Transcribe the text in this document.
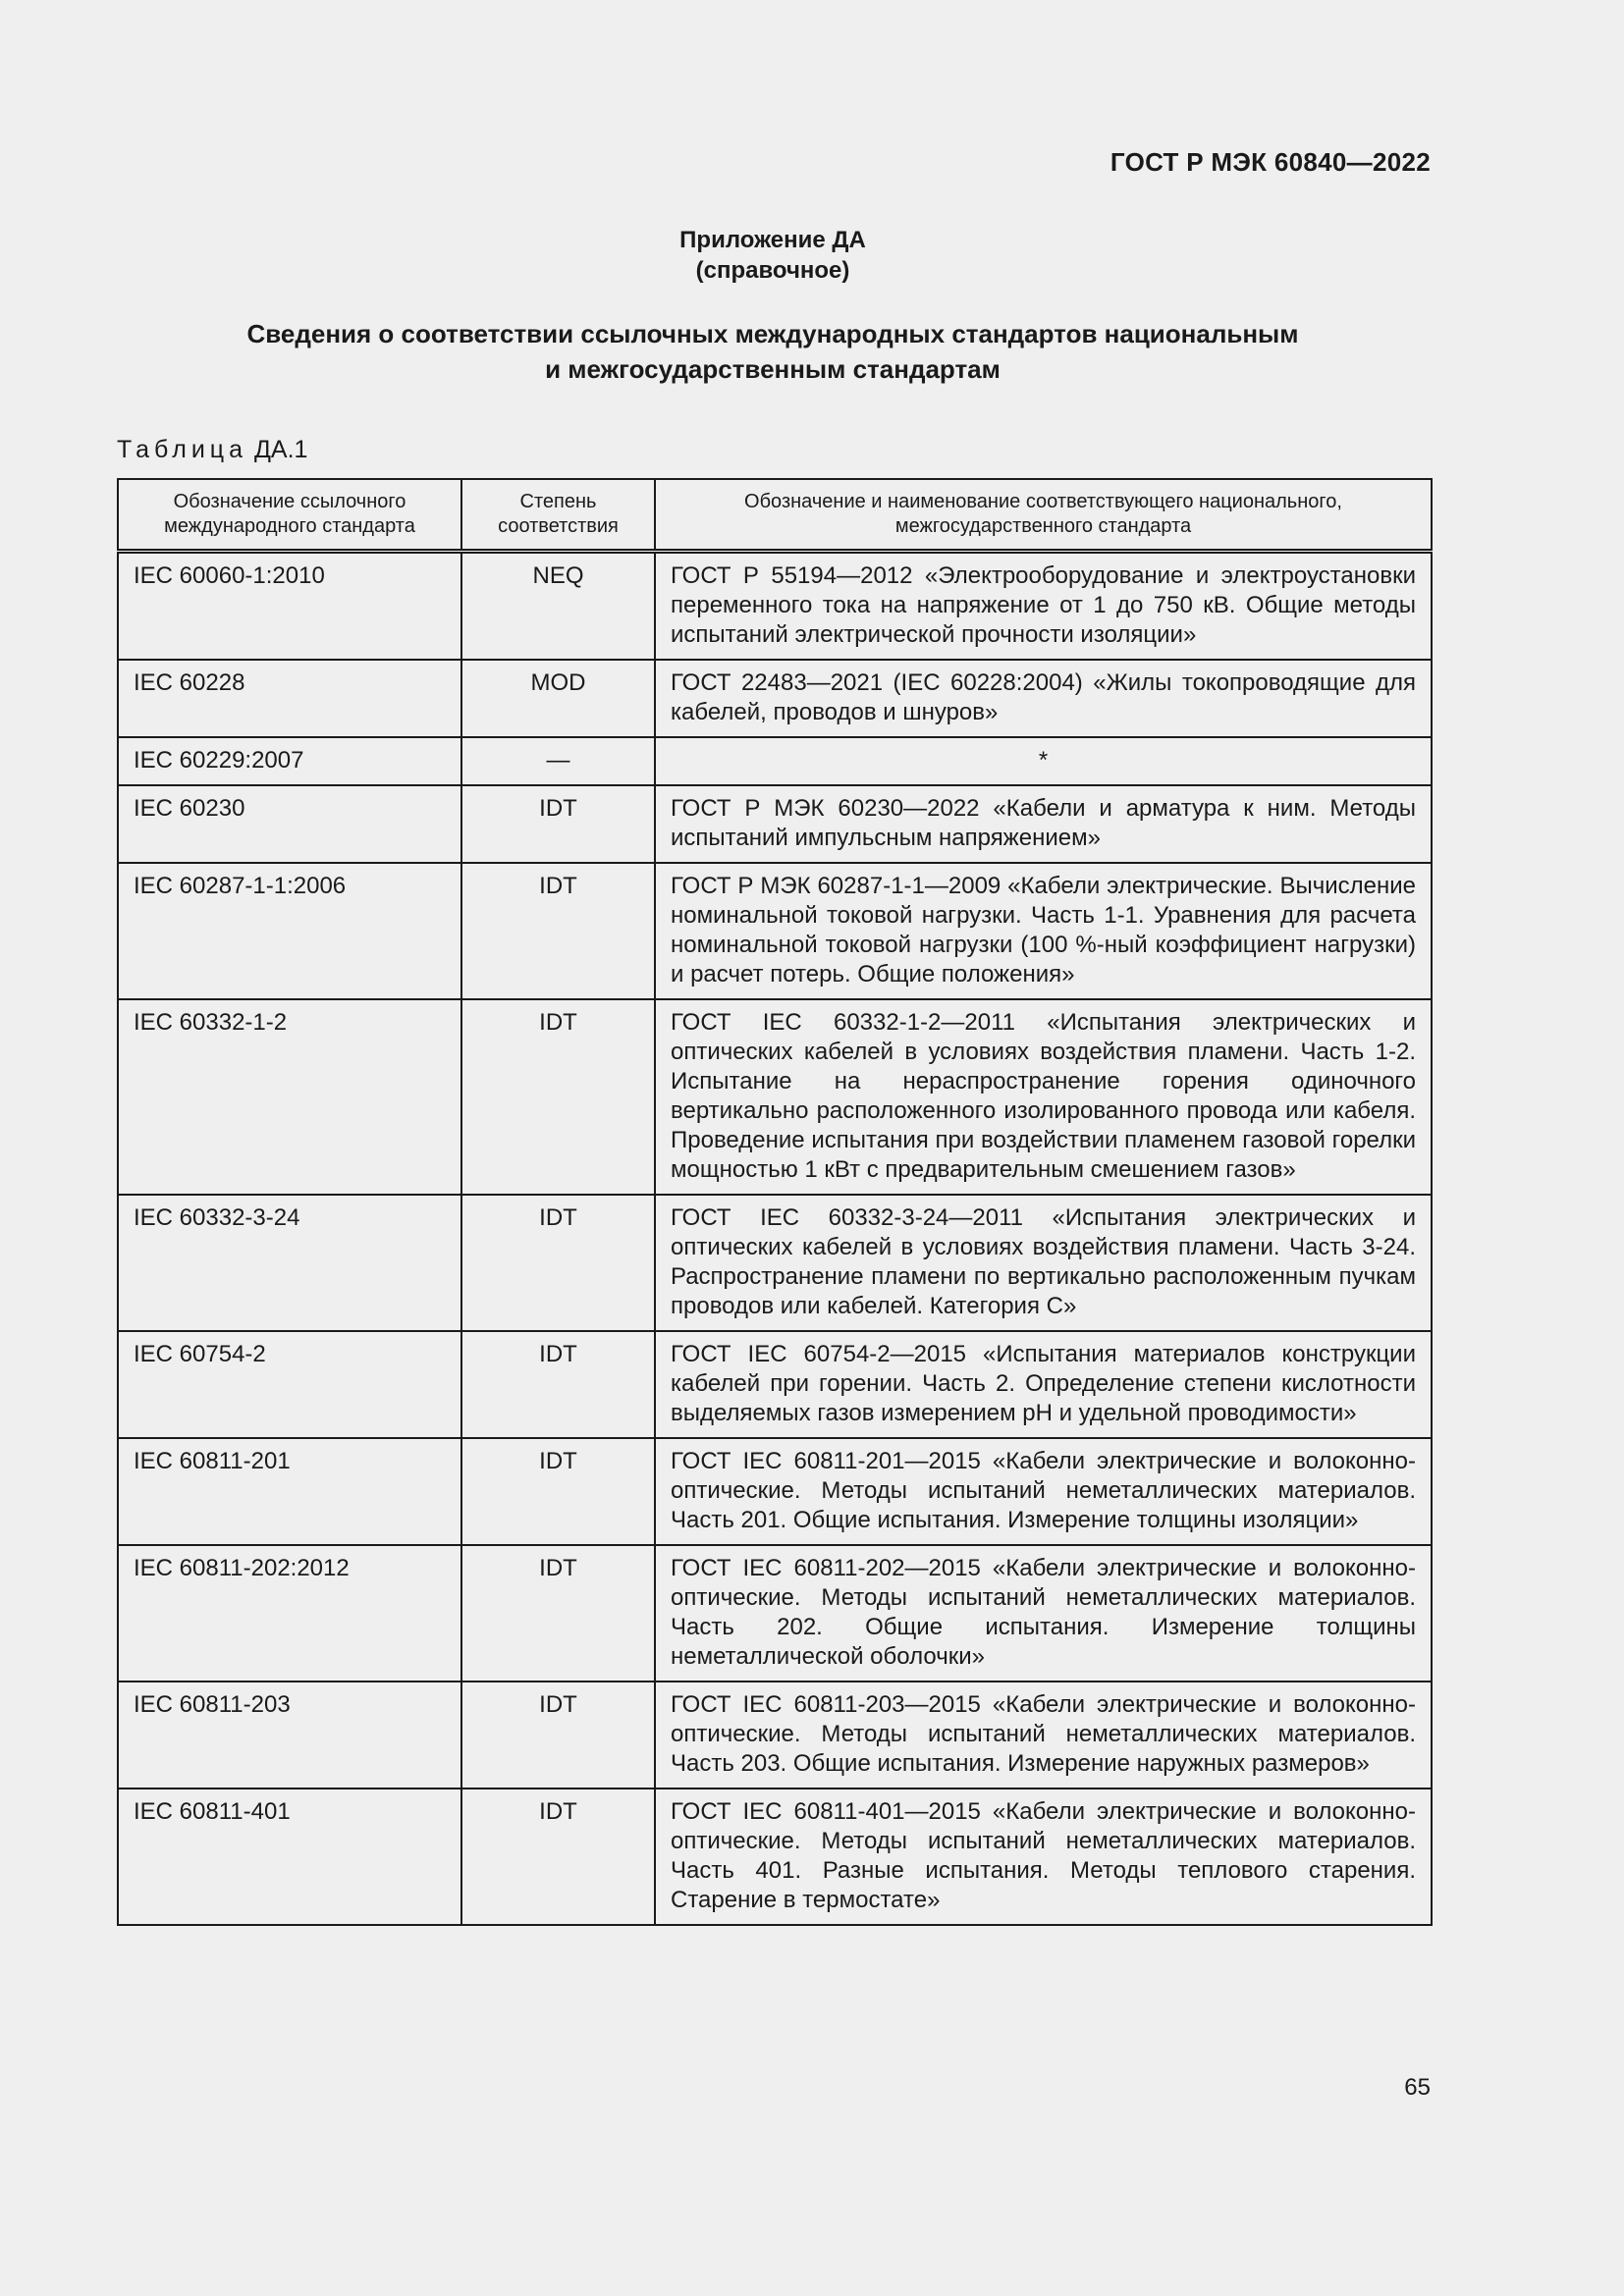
ГОСТ Р МЭК 60840—2022
Приложение ДА
(справочное)
Сведения о соответствии ссылочных международных стандартов национальным
и межгосударственным стандартам
Таблица ДА.1
Обозначение ссылочного международного стандарта	Степень соответствия	Обозначение и наименование соответствующего национального, межгосударственного стандарта
IEC 60060-1:2010	NEQ	ГОСТ Р 55194—2012 «Электрооборудование и электроустановки переменного тока на напряжение от 1 до 750 кВ. Общие методы испытаний электрической прочности изоляции»
IEC 60228	MOD	ГОСТ 22483—2021 (IEC 60228:2004) «Жилы токопроводящие для кабелей, проводов и шнуров»
IEC 60229:2007	—	*
IEC 60230	IDT	ГОСТ Р МЭК 60230—2022 «Кабели и арматура к ним. Методы испытаний импульсным напряжением»
IEC 60287-1-1:2006	IDT	ГОСТ Р МЭК 60287-1-1—2009 «Кабели электрические. Вычисление номинальной токовой нагрузки. Часть 1-1. Уравнения для расчета номинальной токовой нагрузки (100 %-ный коэффициент нагрузки) и расчет потерь. Общие положения»
IEC 60332-1-2	IDT	ГОСТ IEC 60332-1-2—2011 «Испытания электрических и оптических кабелей в условиях воздействия пламени. Часть 1-2. Испытание на нераспространение горения одиночного вертикально расположенного изолированного провода или кабеля. Проведение испытания при воздействии пламенем газовой горелки мощностью 1 кВт с предварительным смешением газов»
IEC 60332-3-24	IDT	ГОСТ IEC 60332-3-24—2011 «Испытания электрических и оптических кабелей в условиях воздействия пламени. Часть 3-24. Распространение пламени по вертикально расположенным пучкам проводов или кабелей. Категория С»
IEC 60754-2	IDT	ГОСТ IEC 60754-2—2015 «Испытания материалов конструкции кабелей при горении. Часть 2. Определение степени кислотности выделяемых газов измерением pH и удельной проводимости»
IEC 60811-201	IDT	ГОСТ IEC 60811-201—2015 «Кабели электрические и волоконно-оптические. Методы испытаний неметаллических материалов. Часть 201. Общие испытания. Измерение толщины изоляции»
IEC 60811-202:2012	IDT	ГОСТ IEC 60811-202—2015 «Кабели электрические и волоконно-оптические. Методы испытаний неметаллических материалов. Часть 202. Общие испытания. Измерение толщины неметаллической оболочки»
IEC 60811-203	IDT	ГОСТ IEC 60811-203—2015 «Кабели электрические и волоконно-оптические. Методы испытаний неметаллических материалов. Часть 203. Общие испытания. Измерение наружных размеров»
IEC 60811-401	IDT	ГОСТ IEC 60811-401—2015 «Кабели электрические и волоконно-оптические. Методы испытаний неметаллических материалов. Часть 401. Разные испытания. Методы теплового старения. Старение в термостате»
65
